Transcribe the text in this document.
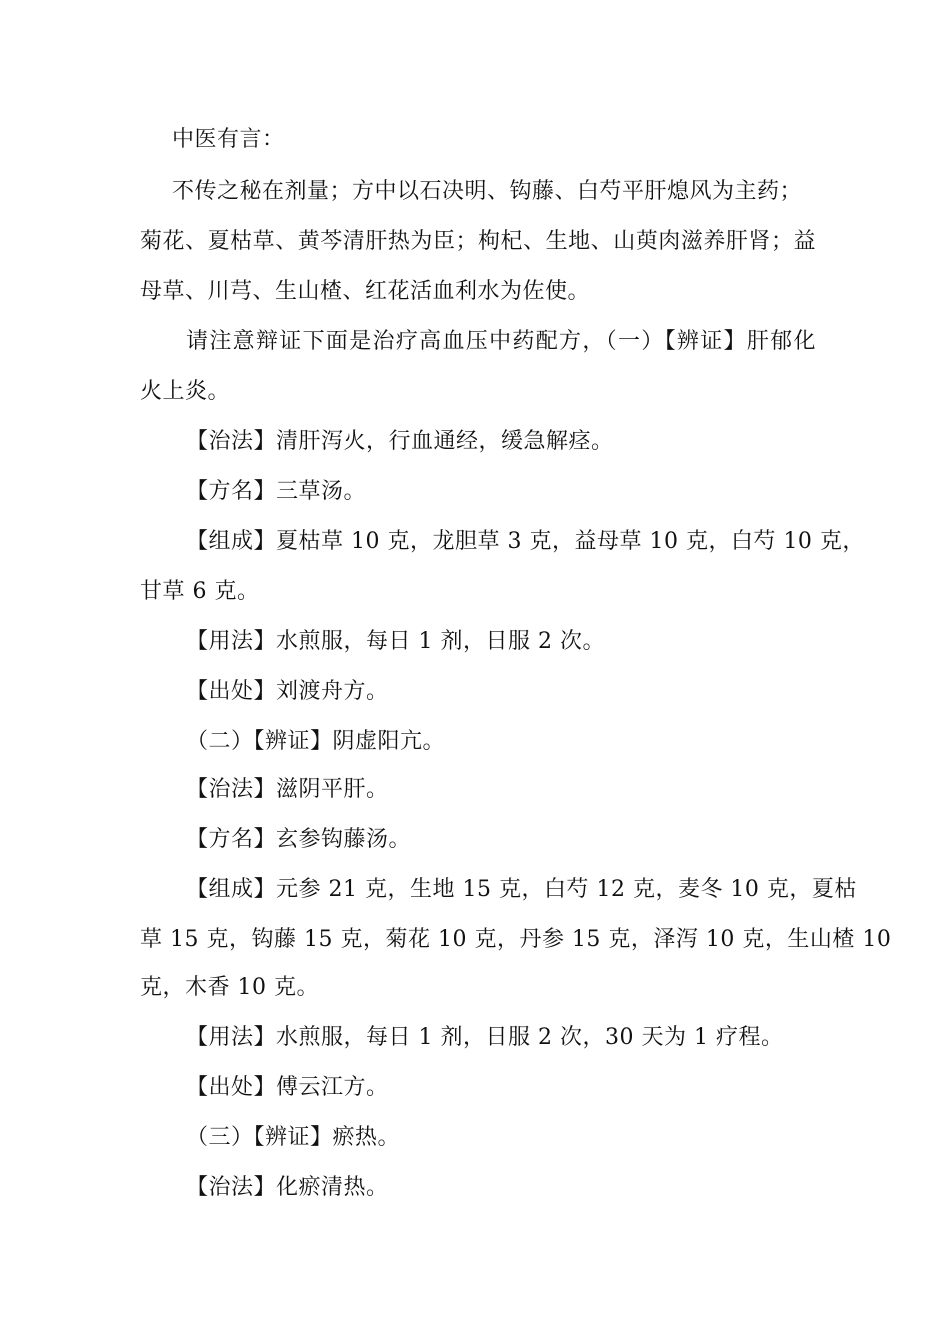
中医有言：
不传之秘在剂量；方中以石决明、钩藤、白芍平肝熄风为主药；
菊花、夏枯草、黄芩清肝热为臣；枸杞、生地、山萸肉滋养肝肾；益
母草、川芎、生山楂、红花活血利水为佐使。
请注意辩证下面是治疗高血压中药配方，（一）【辨证】肝郁化
火上炎。
【治法】清肝泻火，行血通经，缓急解痉。
【方名】三草汤。
【组成】夏枯草 10 克，龙胆草 3 克，益母草 10 克，白芍 10 克，
甘草 6 克。
【用法】水煎服，每日 1 剂，日服 2 次。
【出处】刘渡舟方。
（二）【辨证】阴虚阳亢。
【治法】滋阴平肝。
【方名】玄参钩藤汤。
【组成】元参 21 克，生地 15 克，白芍 12 克，麦冬 10 克，夏枯
草 15 克，钩藤 15 克，菊花 10 克，丹参 15 克，泽泻 10 克，生山楂 10
克，木香 10 克。
【用法】水煎服，每日 1 剂，日服 2 次，30 天为 1 疗程。
【出处】傅云江方。
（三）【辨证】瘀热。
【治法】化瘀清热。
